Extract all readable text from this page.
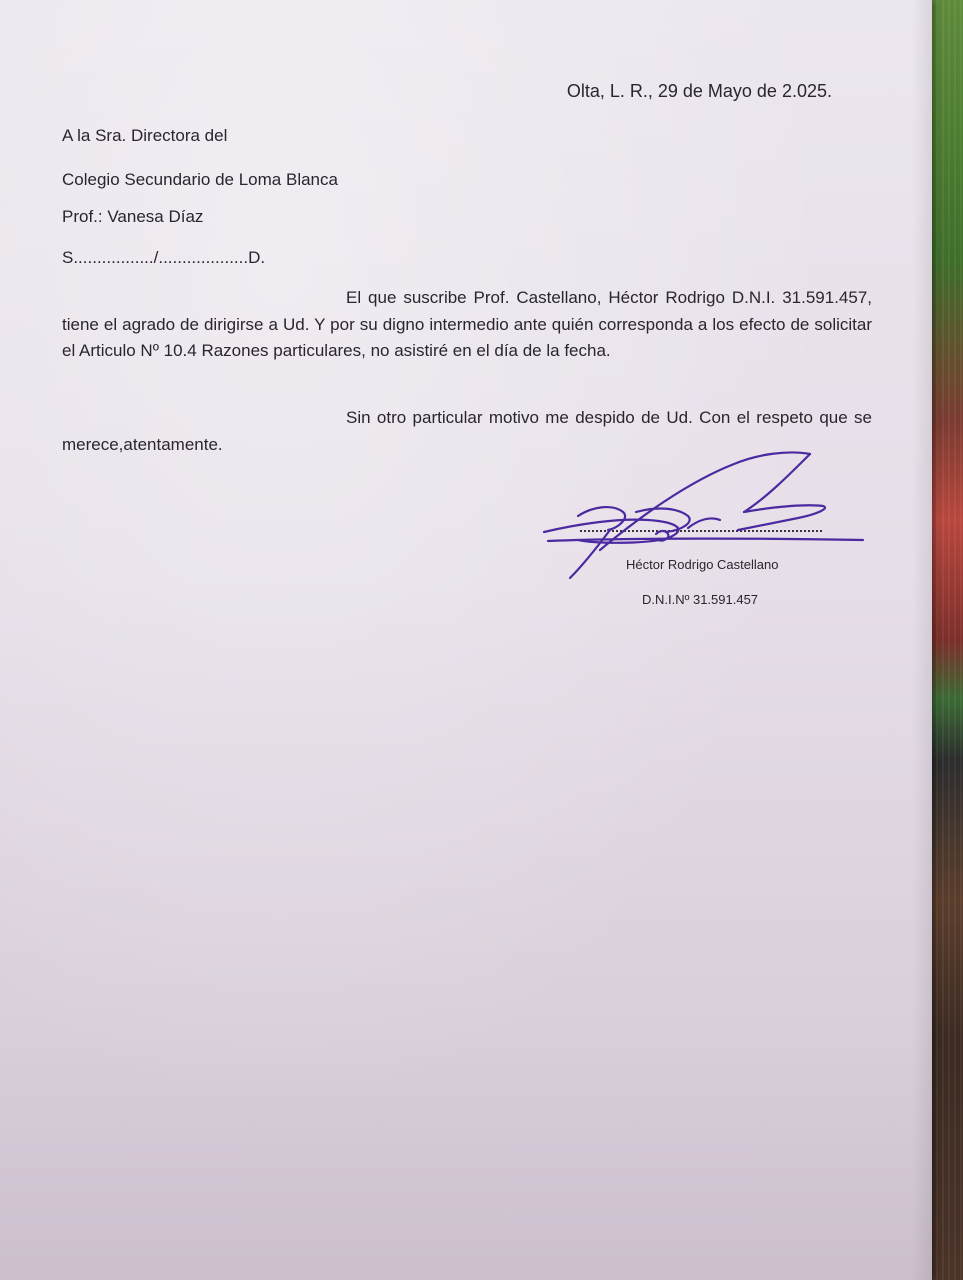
Olta, L. R., 29 de Mayo de 2.025.

A la Sra. Directora del

Colegio Secundario de Loma Blanca

Prof.: Vanesa Díaz

S................./...................D.

El que suscribe Prof. Castellano, Héctor Rodrigo D.N.I. 31.591.457, tiene el agrado de dirigirse a Ud. Y por su digno intermedio ante quién corresponda a los efecto de solicitar el Articulo Nº 10.4 Razones particulares, no asistiré en el día de la fecha.

Sin otro particular motivo me despido de Ud. Con el respeto que se merece,atentamente.

Héctor Rodrigo Castellano

D.N.I.Nº 31.591.457
